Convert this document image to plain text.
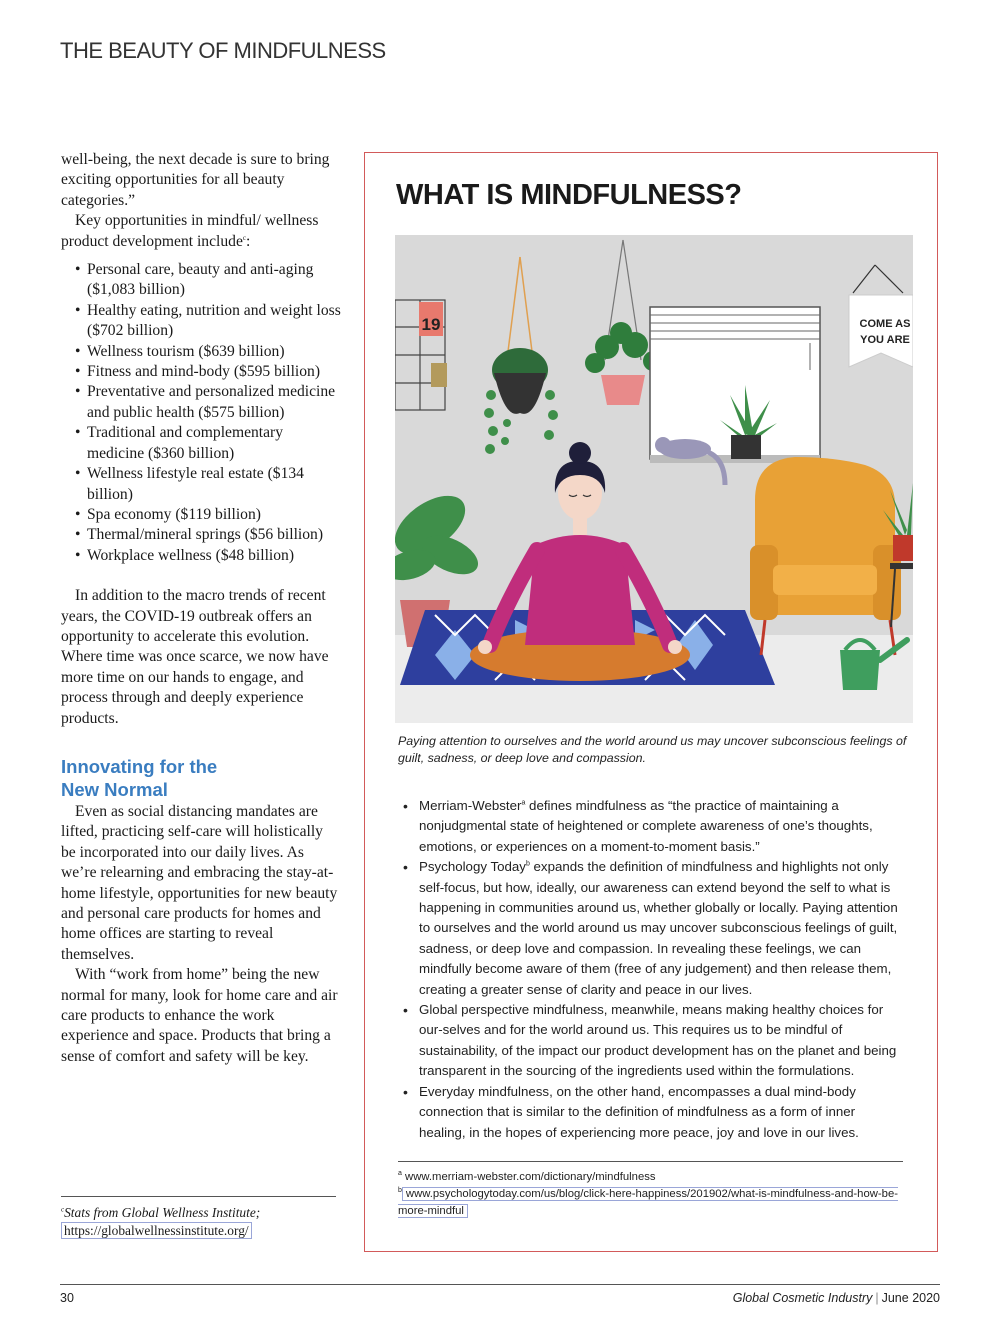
THE BEAUTY OF MINDFULNESS

well-being, the next decade is sure to bring exciting opportunities for all beauty categories.”

Key opportunities in mindful/ wellness product development include$^c$:

• Personal care, beauty and anti-aging ($1,083 billion)
• Healthy eating, nutrition and weight loss ($702 billion)
• Wellness tourism ($639 billion)
• Fitness and mind-body ($595 billion)
• Preventative and personalized medicine and public health ($575 billion)
• Traditional and complementary medicine ($360 billion)
• Wellness lifestyle real estate ($134 billion)
• Spa economy ($119 billion)
• Thermal/mineral springs ($56 billion)
• Workplace wellness ($48 billion)

In addition to the macro trends of recent years, the COVID-19 outbreak offers an opportunity to accelerate this evolution. Where time was once scarce, we now have more time on our hands to engage, and process through and deeply experience products.

Innovating for the
New Normal

Even as social distancing mandates are lifted, practicing self-care will holistically be incorporated into our daily lives. As we’re relearning and embracing the stay-at-home lifestyle, opportunities for new beauty and personal care products for homes and home offices are starting to reveal themselves.

With “work from home” being the new normal for many, look for home care and air care products to enhance the work experience and space. Products that bring a sense of comfort and safety will be key.

$^c$Stats from Global Wellness Institute; https://globalwellnessinstitute.org/
WHAT IS MINDFULNESS?
19	COME AS
YOU ARE
Paying attention to ourselves and the world around us may uncover subconscious feelings of guilt, sadness, or deep love and compassion.
• Merriam-Webster$^a$ defines mindfulness as “the practice of maintaining a nonjudgmental state of heightened or complete awareness of one’s thoughts, emotions, or experiences on a moment-to-moment basis.”
• Psychology Today$^b$ expands the definition of mindfulness and highlights not only self-focus, but how, ideally, our awareness can extend beyond the self to what is happening in communities around us, whether globally or locally. Paying attention to ourselves and the world around us may uncover subconscious feelings of guilt, sadness, or deep love and compassion. In revealing these feelings, we can mindfully become aware of them (free of any judgement) and then release them, creating a greater sense of clarity and peace in our lives.
• Global perspective mindfulness, meanwhile, means making healthy choices for our-selves and for the world around us. This requires us to be mindful of sustainability, of the impact our product development has on the planet and being transparent in the sourcing of the ingredients used within the formulations.
• Everyday mindfulness, on the other hand, encompasses a dual mind-body connection that is similar to the definition of mindfulness as a form of inner healing, in the hopes of experiencing more peace, joy and love in our lives.
$^a$ www.merriam-webster.com/dictionary/mindfulness
$^b$ www.psychologytoday.com/us/blog/click-here-happiness/201902/what-is-mindfulness-and-how-be-more-mindful
30	Global Cosmetic Industry | June 2020
